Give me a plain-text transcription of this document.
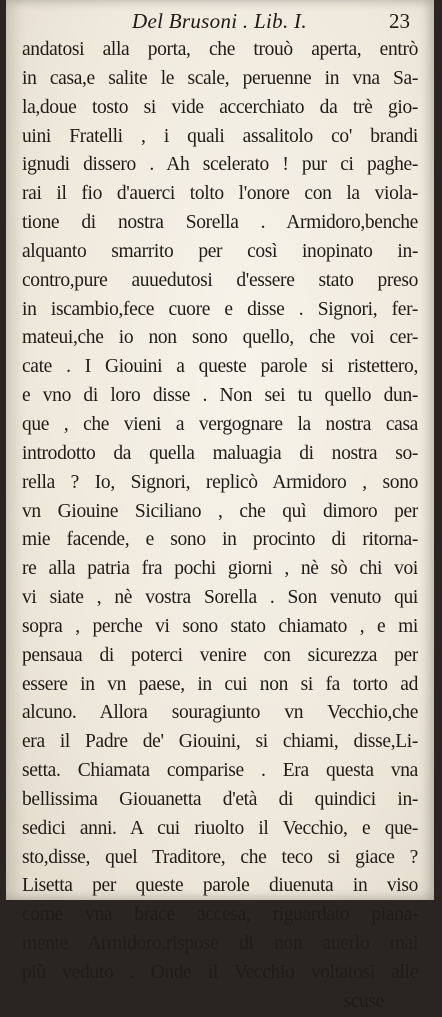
Del Brusoni . Lib. I.	23
andatosi alla porta, che trouò aperta, entrò
in casa,e salite le scale, peruenne in vna Sa-
la,doue tosto si vide accerchiato da trè gio-
uini Fratelli , i quali assalitolo co' brandi
ignudi dissero . Ah scelerato ! pur ci paghe-
rai il fio d'auerci tolto l'onore con la viola-
tione di nostra Sorella . Armidoro,benche
alquanto smarrito per così inopinato in-
contro,pure auuedutosi d'essere stato preso
in iscambio,fece cuore e disse . Signori, fer-
mateui,che io non sono quello, che voi cer-
cate . I Giouini a queste parole si ristettero,
e vno di loro disse . Non sei tu quello dun-
que , che vieni a vergognare la nostra casa
introdotto da quella maluagia di nostra so-
rella ? Io, Signori, replicò Armidoro , sono
vn Giouine Siciliano , che quì dimoro per
mie facende, e sono in procinto di ritorna-
re alla patria fra pochi giorni , nè sò chi voi
vi siate , nè vostra Sorella . Son venuto qui
sopra , perche vi sono stato chiamato , e mi
pensaua di poterci venire con sicurezza per
essere in vn paese, in cui non si fa torto ad
alcuno. Allora souragiunto vn Vecchio,che
era il Padre de' Giouini, si chiami, disse,Li-
setta. Chiamata comparise . Era questa vna
bellissima Giouanetta d'età di quindici in-
sedici anni. A cui riuolto il Vecchio, e que-
sto,disse, quel Traditore, che teco si giace ?
Lisetta per queste parole diuenuta in viso
come vna brace accesa, riguardato piana-
mente Armidoro,rispose di non auerlo mai
più veduto . Onde il Vecchio voltatosi alle
scuse
